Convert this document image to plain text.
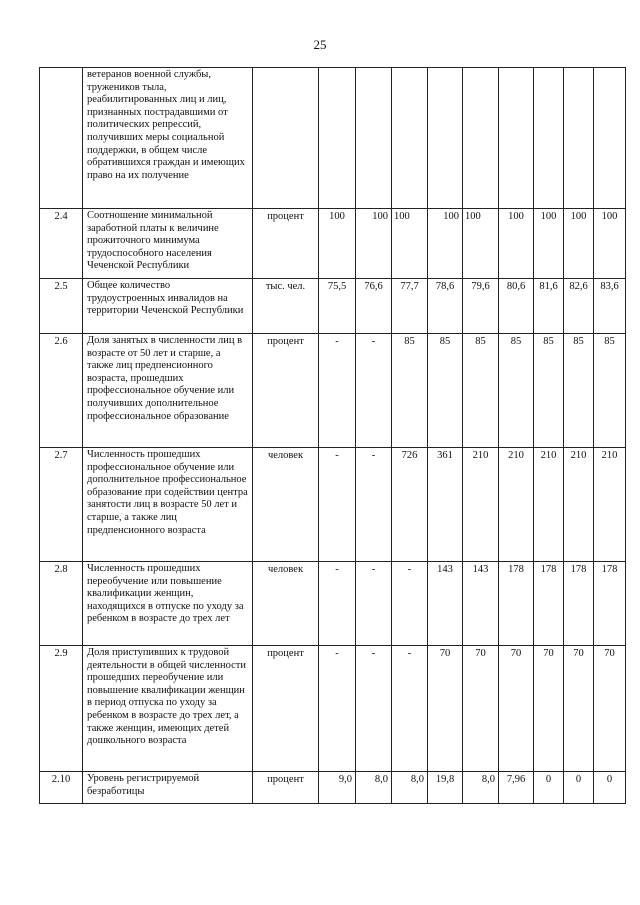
25
	ветеранов военной службы, тружеников тыла, реабилитированных лиц и лиц, признанных пострадавшими от политических репрессий, получивших меры социальной поддержки, в общем числе обратившихся граждан и имеющих право на их получение										
2.4	Соотношение минимальной заработной платы к величине прожиточного минимума трудоспособного населения Чеченской Республики	процент	100	100	100	100	100	100	100	100	100
2.5	Общее количество трудоустроенных инвалидов на территории Чеченской Республики	тыс. чел.	75,5	76,6	77,7	78,6	79,6	80,6	81,6	82,6	83,6
2.6	Доля занятых в численности лиц в возрасте от 50 лет и старше, а также лиц предпенсионного возраста, прошедших профессиональное обучение или получивших дополнительное профессиональное образование	процент	-	-	85	85	85	85	85	85	85
2.7	Численность прошедших профессиональное обучение или дополнительное профессиональное образование при содействии центра занятости лиц в возрасте 50 лет и старше, а также лиц предпенсионного возраста	человек	-	-	726	361	210	210	210	210	210
2.8	Численность прошедших переобучение или повышение квалификации женщин, находящихся в отпуске по уходу за ребенком в возрасте до трех лет	человек	-	-	-	143	143	178	178	178	178
2.9	Доля приступивших к трудовой деятельности в общей численности прошедших переобучение или повышение квалификации женщин в период отпуска по уходу за ребенком в возрасте до трех лет, а также женщин, имеющих детей дошкольного возраста	процент	-	-	-	70	70	70	70	70	70
2.10	Уровень регистрируемой безработицы	процент	9,0	8,0	8,0	19,8	8,0	7,96	0	0	0
